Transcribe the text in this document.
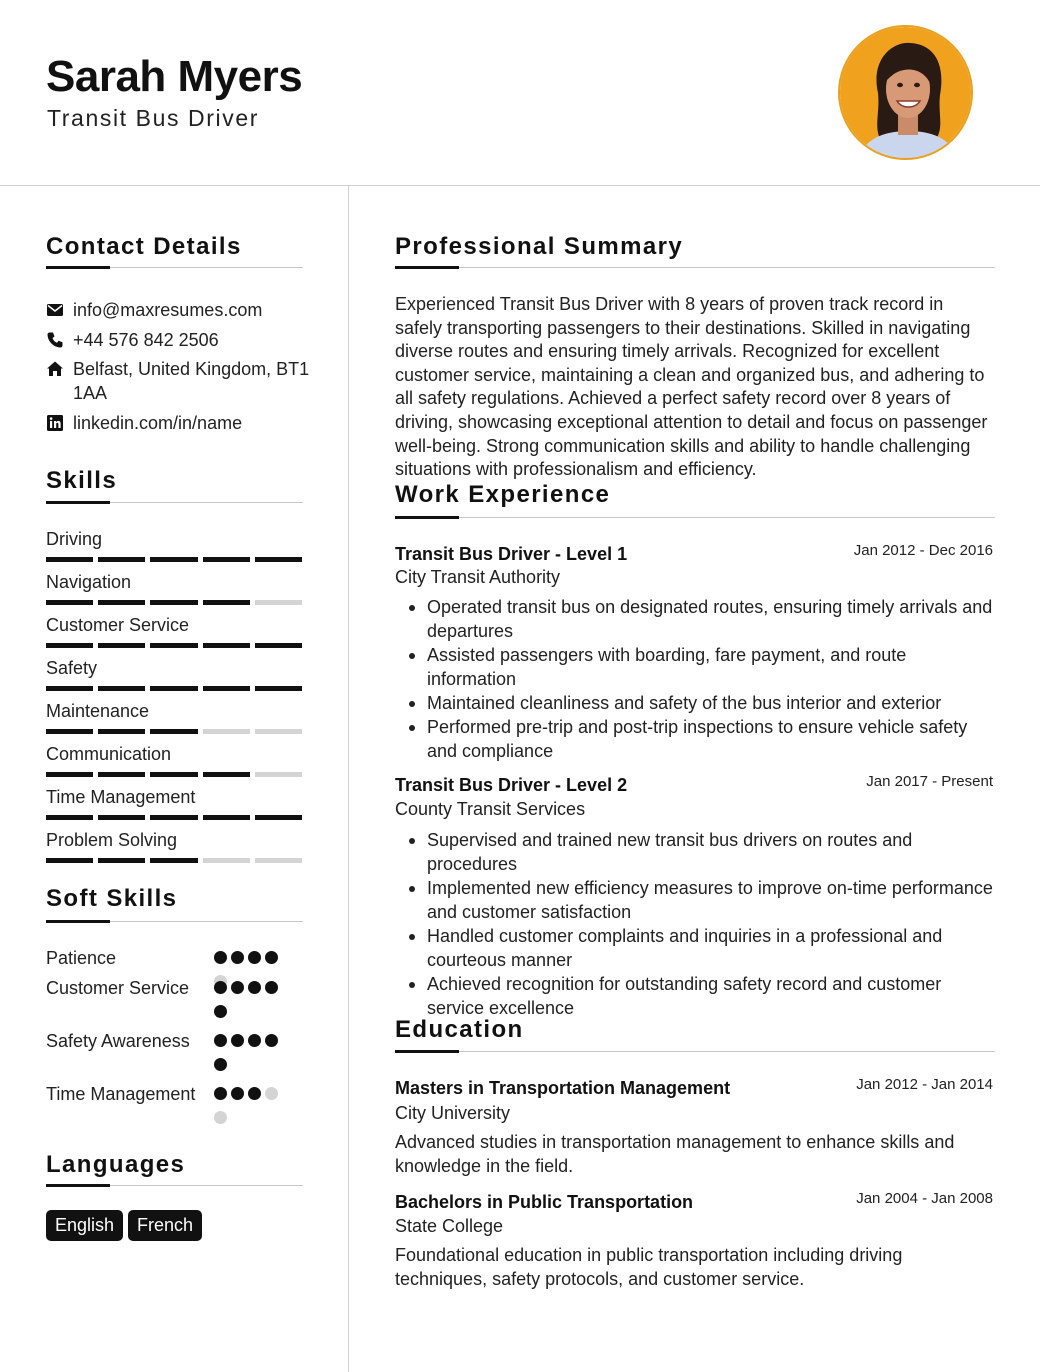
Sarah Myers
Transit Bus Driver
Contact Details
info@maxresumes.com
+44 576 842 2506
Belfast, United Kingdom, BT1 1AA
linkedin.com/in/name
Skills
Driving
Navigation
Customer Service
Safety
Maintenance
Communication
Time Management
Problem Solving
Soft Skills
Patience
Customer Service
Safety Awareness
Time Management
Languages
English	French
Professional Summary
Experienced Transit Bus Driver with 8 years of proven track record in safely transporting passengers to their destinations. Skilled in navigating diverse routes and ensuring timely arrivals. Recognized for excellent customer service, maintaining a clean and organized bus, and adhering to all safety regulations. Achieved a perfect safety record over 8 years of driving, showcasing exceptional attention to detail and focus on passenger well-being. Strong communication skills and ability to handle challenging situations with professionalism and efficiency.
Work Experience
Transit Bus Driver - Level 1	Jan 2012 - Dec 2016
City Transit Authority
Operated transit bus on designated routes, ensuring timely arrivals and departures
Assisted passengers with boarding, fare payment, and route information
Maintained cleanliness and safety of the bus interior and exterior
Performed pre-trip and post-trip inspections to ensure vehicle safety and compliance
Transit Bus Driver - Level 2	Jan 2017 - Present
County Transit Services
Supervised and trained new transit bus drivers on routes and procedures
Implemented new efficiency measures to improve on-time performance and customer satisfaction
Handled customer complaints and inquiries in a professional and courteous manner
Achieved recognition for outstanding safety record and customer service excellence
Education
Masters in Transportation Management	Jan 2012 - Jan 2014
City University
Advanced studies in transportation management to enhance skills and knowledge in the field.
Bachelors in Public Transportation	Jan 2004 - Jan 2008
State College
Foundational education in public transportation including driving techniques, safety protocols, and customer service.
